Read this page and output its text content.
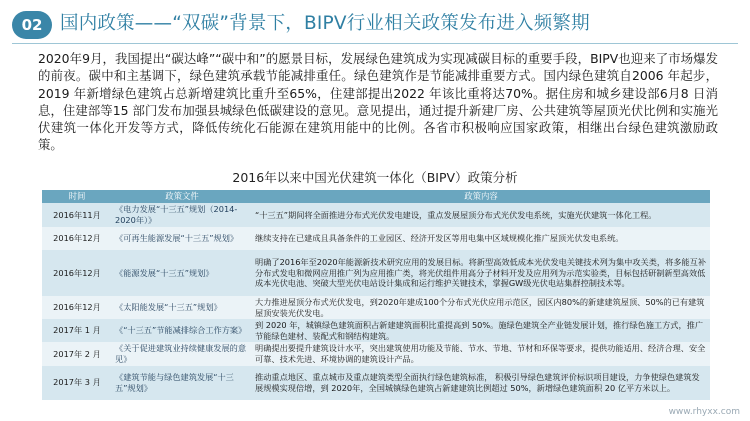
02 国内政策——“双碳”背景下，BIPV行业相关政策发布进入频繁期
2020年9月，我国提出“碳达峰”“碳中和”的愿景目标，发展绿色建筑成为实现减碳目标的重要手段，BIPV也迎来了市场爆发的前夜。碳中和主基调下，绿色建筑承载节能减排重任。绿色建筑作是节能减排重要方式。国内绿色建筑自2006 年起步，2019 年新增绿色建筑占总新增建筑比重升至65%，住建部提出2022 年该比重将达70%。据住房和城乡建设部6月8 日消息，住建部等15 部门发布加强县城绿色低碳建设的意见。意见提出，通过提升新建厂房、公共建筑等屋顶光伏比例和实施光伏建筑一体化开发等方式，降低传统化石能源在建筑用能中的比例。各省市积极响应国家政策，相继出台绿色建筑激励政策。
2016年以来中国光伏建筑一体化（BIPV）政策分析
时间	政策文件	政策内容
2016年11月	《电力发展“十三五”规划（2014-2020年）》	“十三五”期间将全面推进分布式光伏发电建设，重点发展屋顶分布式光伏发电系统，实施光伏建筑一体化工程。
2016年12月	《可再生能源发展“十三五”规划》	继续支持在已建成且具备条件的工业园区、经济开发区等用电集中区域规模化推广屋顶光伏发电系统。
2016年12月	《能源发展“十三五”规划》	明确了2016年至2020年能源新技术研究应用的发展目标。将新型高效低成本光伏发电关键技术列为集中攻关类，将多能互补分布式发电和微网应用推广列为应用推广类，将光伏组件用高分子材料开发及应用列为示范实验类，目标包括研制新型高效低成本光伏电池、突破大型光伏电站设计集成和运行维护关键技术，掌握GW级光伏电站集群控制技术等。
2016年12月	《太阳能发展“十三五”规划》	大力推进屋顶分布式光伏发电，到2020年建成100个分布式光伏应用示范区，园区内80%的新建建筑屋顶、50%的已有建筑屋顶安装光伏发电。
2017年 1 月	《“十三五”节能减排综合工作方案》	到 2020 年，城镇绿色建筑面积占新建建筑面积比重提高到 50%。施绿色建筑全产业链发展计划，推行绿色施工方式，推广节能绿色建材、装配式和钢结构建筑。
2017年 2 月	《关于促进建筑业持续健康发展的意见》	明确提出要提升建筑设计水平，突出建筑使用功能及节能、节水、节地、节材和环保等要求，提供功能适用、经济合理、安全可靠、技术先进、环境协调的建筑设计产品。
2017年 3 月	《建筑节能与绿色建筑发展“十三五”规划》	推动重点地区、重点城市及重点建筑类型全面执行绿色建筑标准， 积极引导绿色建筑评价标识项目建设，力争使绿色建筑发展规模实现倍增，到 2020年，全国城镇绿色建筑占新建建筑比例超过 50%，新增绿色建筑面积 20 亿平方米以上。
www.rhyxx.com
